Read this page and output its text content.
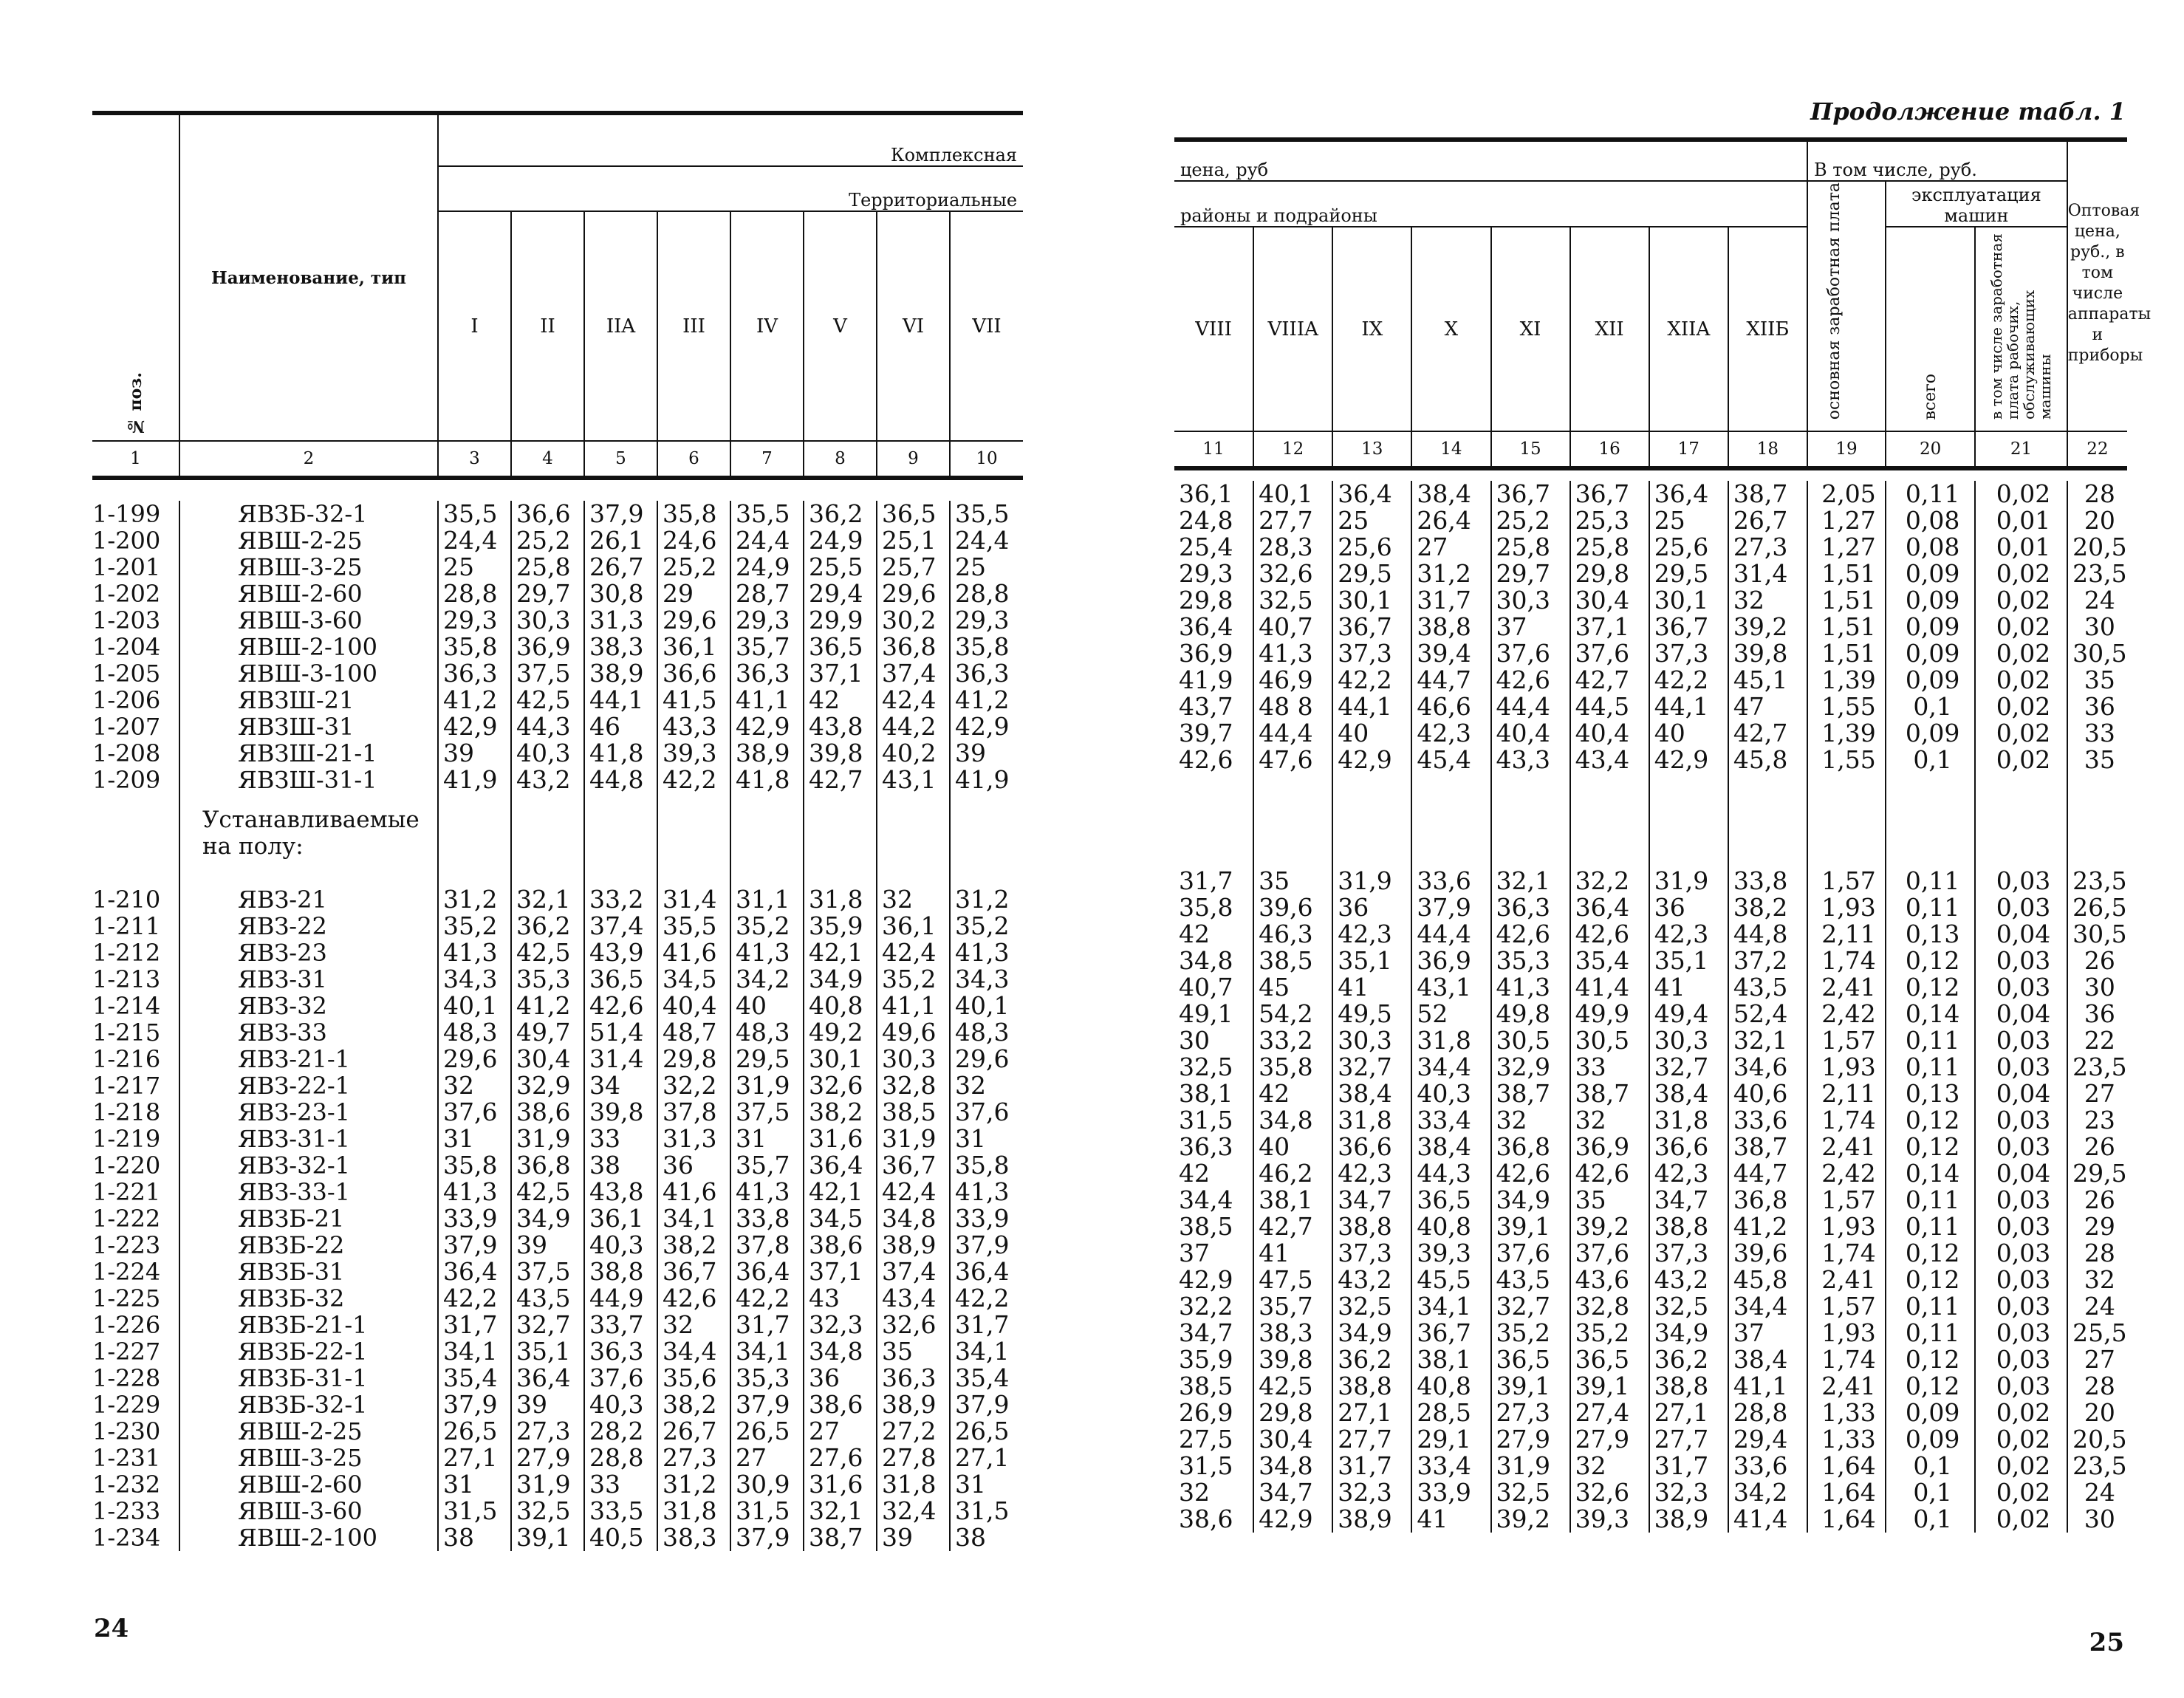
№ поз.	Наименование, тип	Комплексная							
		Территориальные							
		I	II	IIA	III	IV	V	VI	VII
1	2	3	4	5	6	7	8	9	10
1-199	ЯВЗБ-32-1	35,5	36,6	37,9	35,8	35,5	36,2	36,5	35,5
1-200	ЯВШ-2-25	24,4	25,2	26,1	24,6	24,4	24,9	25,1	24,4
1-201	ЯВШ-3-25	25	25,8	26,7	25,2	24,9	25,5	25,7	25
1-202	ЯВШ-2-60	28,8	29,7	30,8	29	28,7	29,4	29,6	28,8
1-203	ЯВШ-3-60	29,3	30,3	31,3	29,6	29,3	29,9	30,2	29,3
1-204	ЯВШ-2-100	35,8	36,9	38,3	36,1	35,7	36,5	36,8	35,8
1-205	ЯВШ-3-100	36,3	37,5	38,9	36,6	36,3	37,1	37,4	36,3
1-206	ЯВЗШ-21	41,2	42,5	44,1	41,5	41,1	42	42,4	41,2
1-207	ЯВЗШ-31	42,9	44,3	46	43,3	42,9	43,8	44,2	42,9
1-208	ЯВЗШ-21-1	39	40,3	41,8	39,3	38,9	39,8	40,2	39
1-209	ЯВЗШ-31-1	41,9	43,2	44,8	42,2	41,8	42,7	43,1	41,9
	Устанавливаемые на полу:								

1-210	ЯВЗ-21	31,2	32,1	33,2	31,4	31,1	31,8	32	31,2
1-211	ЯВЗ-22	35,2	36,2	37,4	35,5	35,2	35,9	36,1	35,2
1-212	ЯВЗ-23	41,3	42,5	43,9	41,6	41,3	42,1	42,4	41,3
1-213	ЯВЗ-31	34,3	35,3	36,5	34,5	34,2	34,9	35,2	34,3
1-214	ЯВЗ-32	40,1	41,2	42,6	40,4	40	40,8	41,1	40,1
1-215	ЯВЗ-33	48,3	49,7	51,4	48,7	48,3	49,2	49,6	48,3
1-216	ЯВЗ-21-1	29,6	30,4	31,4	29,8	29,5	30,1	30,3	29,6
1-217	ЯВЗ-22-1	32	32,9	34	32,2	31,9	32,6	32,8	32
1-218	ЯВЗ-23-1	37,6	38,6	39,8	37,8	37,5	38,2	38,5	37,6
1-219	ЯВЗ-31-1	31	31,9	33	31,3	31	31,6	31,9	31
1-220	ЯВЗ-32-1	35,8	36,8	38	36	35,7	36,4	36,7	35,8
1-221	ЯВЗ-33-1	41,3	42,5	43,8	41,6	41,3	42,1	42,4	41,3
1-222	ЯВЗБ-21	33,9	34,9	36,1	34,1	33,8	34,5	34,8	33,9
1-223	ЯВЗБ-22	37,9	39	40,3	38,2	37,8	38,6	38,9	37,9
1-224	ЯВЗБ-31	36,4	37,5	38,8	36,7	36,4	37,1	37,4	36,4
1-225	ЯВЗБ-32	42,2	43,5	44,9	42,6	42,2	43	43,4	42,2
1-226	ЯВЗБ-21-1	31,7	32,7	33,7	32	31,7	32,3	32,6	31,7
1-227	ЯВЗБ-22-1	34,1	35,1	36,3	34,4	34,1	34,8	35	34,1
1-228	ЯВЗБ-31-1	35,4	36,4	37,6	35,6	35,3	36	36,3	35,4
1-229	ЯВЗБ-32-1	37,9	39	40,3	38,2	37,9	38,6	38,9	37,9
1-230	ЯВШ-2-25	26,5	27,3	28,2	26,7	26,5	27	27,2	26,5
1-231	ЯВШ-3-25	27,1	27,9	28,8	27,3	27	27,6	27,8	27,1
1-232	ЯВШ-2-60	31	31,9	33	31,2	30,9	31,6	31,8	31
1-233	ЯВШ-3-60	31,5	32,5	33,5	31,8	31,5	32,1	32,4	31,5
1-234	ЯВШ-2-100	38	39,1	40,5	38,3	37,9	38,7	39	38
24
Продолжение табл. 1
цена, руб								В том числе, руб.			Оптовая цена, руб., в том числе аппараты и приборы
районы и подрайоны								основная заработная плата	эксплуатация машин		
VIII	VIIIA	IX	X	XI	XII	XIIA	XIIБ		всего	в том числе заработная плата рабочих, обслуживающих машины	
11	12	13	14	15	16	17	18	19	20	21	22
36,1	40,1	36,4	38,4	36,7	36,7	36,4	38,7	2,05	0,11	0,02	28
24,8	27,7	25	26,4	25,2	25,3	25	26,7	1,27	0,08	0,01	20
25,4	28,3	25,6	27	25,8	25,8	25,6	27,3	1,27	0,08	0,01	20,5
29,3	32,6	29,5	31,2	29,7	29,8	29,5	31,4	1,51	0,09	0,02	23,5
29,8	32,5	30,1	31,7	30,3	30,4	30,1	32	1,51	0,09	0,02	24
36,4	40,7	36,7	38,8	37	37,1	36,7	39,2	1,51	0,09	0,02	30
36,9	41,3	37,3	39,4	37,6	37,6	37,3	39,8	1,51	0,09	0,02	30,5
41,9	46,9	42,2	44,7	42,6	42,7	42,2	45,1	1,39	0,09	0,02	35
43,7	48 8	44,1	46,6	44,4	44,5	44,1	47	1,55	0,1	0,02	36
39,7	44,4	40	42,3	40,4	40,4	40	42,7	1,39	0,09	0,02	33
42,6	47,6	42,9	45,4	43,3	43,4	42,9	45,8	1,55	0,1	0,02	35

31,7	35	31,9	33,6	32,1	32,2	31,9	33,8	1,57	0,11	0,03	23,5
35,8	39,6	36	37,9	36,3	36,4	36	38,2	1,93	0,11	0,03	26,5
42	46,3	42,3	44,4	42,6	42,6	42,3	44,8	2,11	0,13	0,04	30,5
34,8	38,5	35,1	36,9	35,3	35,4	35,1	37,2	1,74	0,12	0,03	26
40,7	45	41	43,1	41,3	41,4	41	43,5	2,41	0,12	0,03	30
49,1	54,2	49,5	52	49,8	49,9	49,4	52,4	2,42	0,14	0,04	36
30	33,2	30,3	31,8	30,5	30,5	30,3	32,1	1,57	0,11	0,03	22
32,5	35,8	32,7	34,4	32,9	33	32,7	34,6	1,93	0,11	0,03	23,5
38,1	42	38,4	40,3	38,7	38,7	38,4	40,6	2,11	0,13	0,04	27
31,5	34,8	31,8	33,4	32	32	31,8	33,6	1,74	0,12	0,03	23
36,3	40	36,6	38,4	36,8	36,9	36,6	38,7	2,41	0,12	0,03	26
42	46,2	42,3	44,3	42,6	42,6	42,3	44,7	2,42	0,14	0,04	29,5
34,4	38,1	34,7	36,5	34,9	35	34,7	36,8	1,57	0,11	0,03	26
38,5	42,7	38,8	40,8	39,1	39,2	38,8	41,2	1,93	0,11	0,03	29
37	41	37,3	39,3	37,6	37,6	37,3	39,6	1,74	0,12	0,03	28
42,9	47,5	43,2	45,5	43,5	43,6	43,2	45,8	2,41	0,12	0,03	32
32,2	35,7	32,5	34,1	32,7	32,8	32,5	34,4	1,57	0,11	0,03	24
34,7	38,3	34,9	36,7	35,2	35,2	34,9	37	1,93	0,11	0,03	25,5
35,9	39,8	36,2	38,1	36,5	36,5	36,2	38,4	1,74	0,12	0,03	27
38,5	42,5	38,8	40,8	39,1	39,1	38,8	41,1	2,41	0,12	0,03	28
26,9	29,8	27,1	28,5	27,3	27,4	27,1	28,8	1,33	0,09	0,02	20
27,5	30,4	27,7	29,1	27,9	27,9	27,7	29,4	1,33	0,09	0,02	20,5
31,5	34,8	31,7	33,4	31,9	32	31,7	33,6	1,64	0,1	0,02	23,5
32	34,7	32,3	33,9	32,5	32,6	32,3	34,2	1,64	0,1	0,02	24
38,6	42,9	38,9	41	39,2	39,3	38,9	41,4	1,64	0,1	0,02	30
25
